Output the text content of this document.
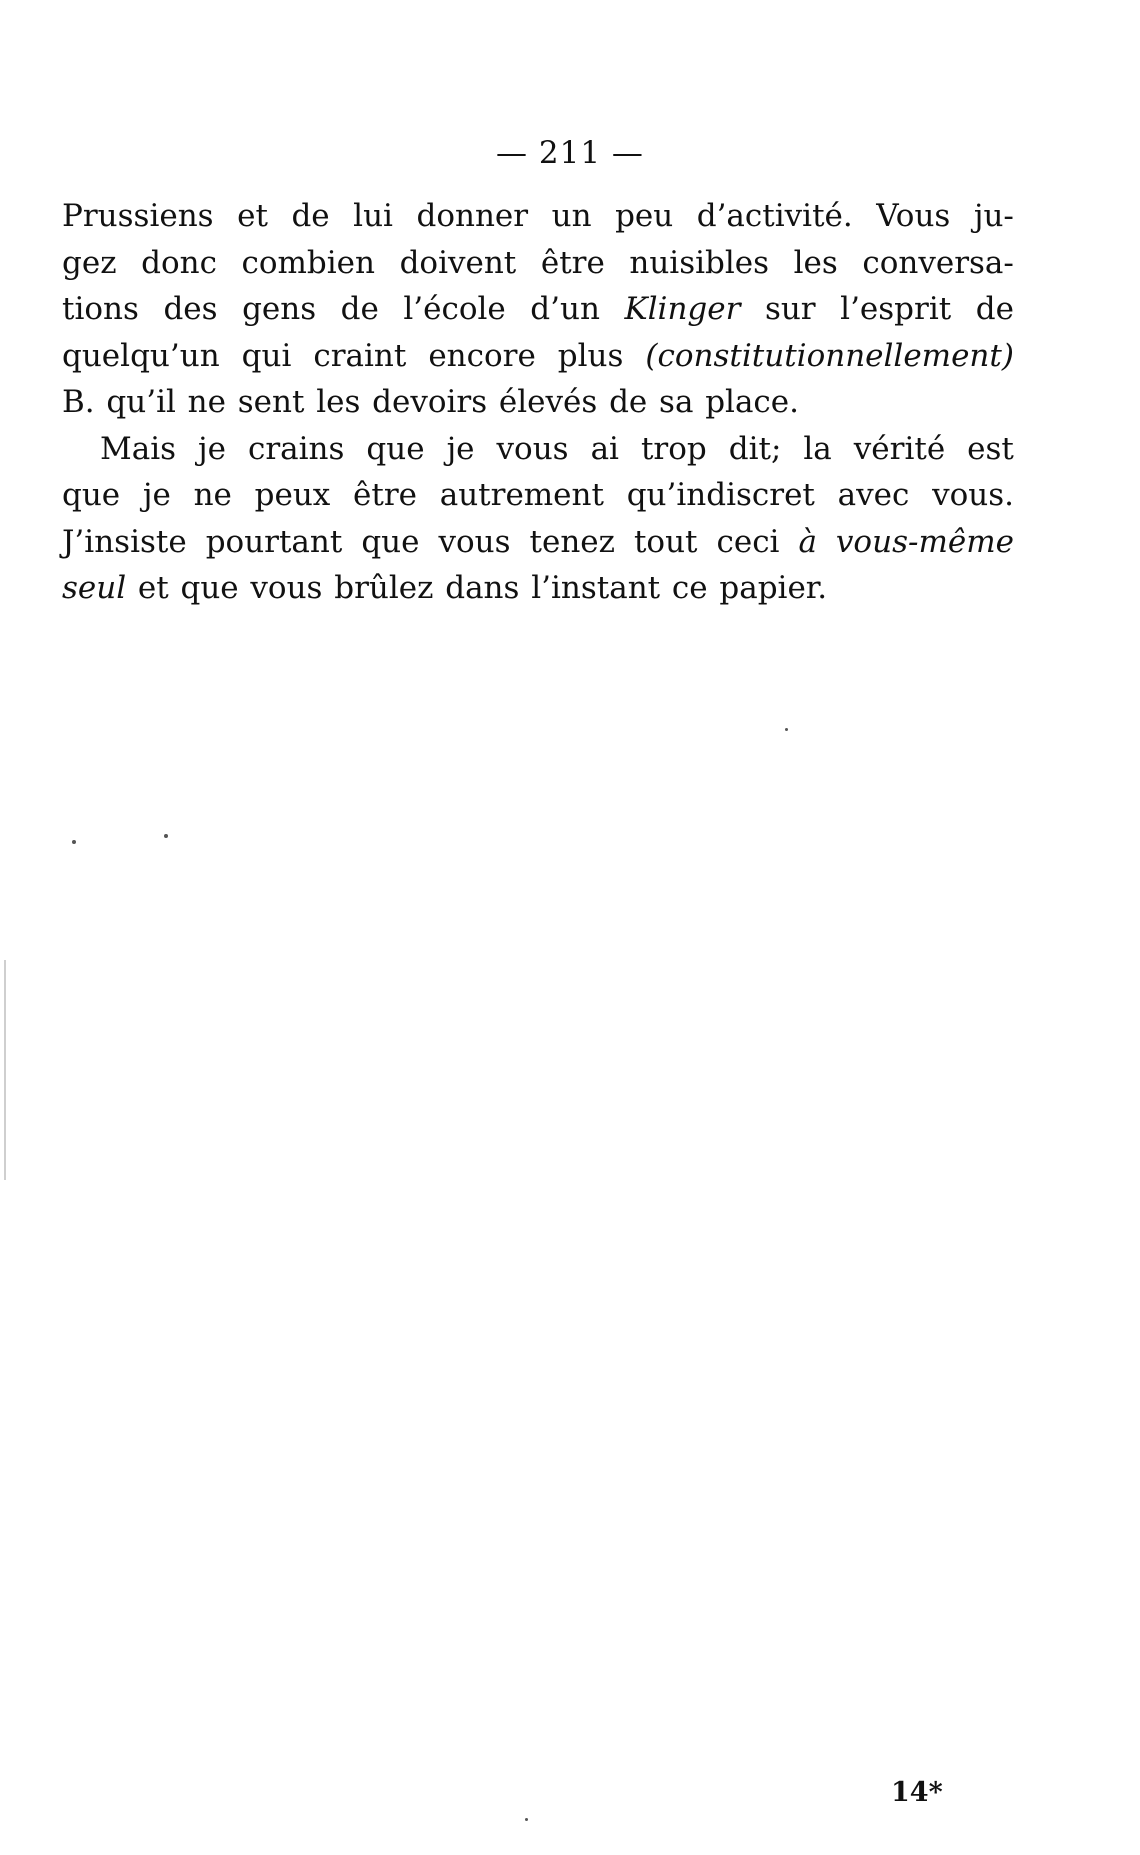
— 211 —
Prussiens et de lui donner un peu d’activité. Vous ju-
gez donc combien doivent être nuisibles les conversa-
tions des gens de l’école d’un Klinger sur l’esprit de
quelqu’un qui craint encore plus (constitutionnellement)
B. qu’il ne sent les devoirs élevés de sa place.
Mais je crains que je vous ai trop dit; la vérité est
que je ne peux être autrement qu’indiscret avec vous.
J’insiste pourtant que vous tenez tout ceci à vous-même
seul et que vous brûlez dans l’instant ce papier.
14*
